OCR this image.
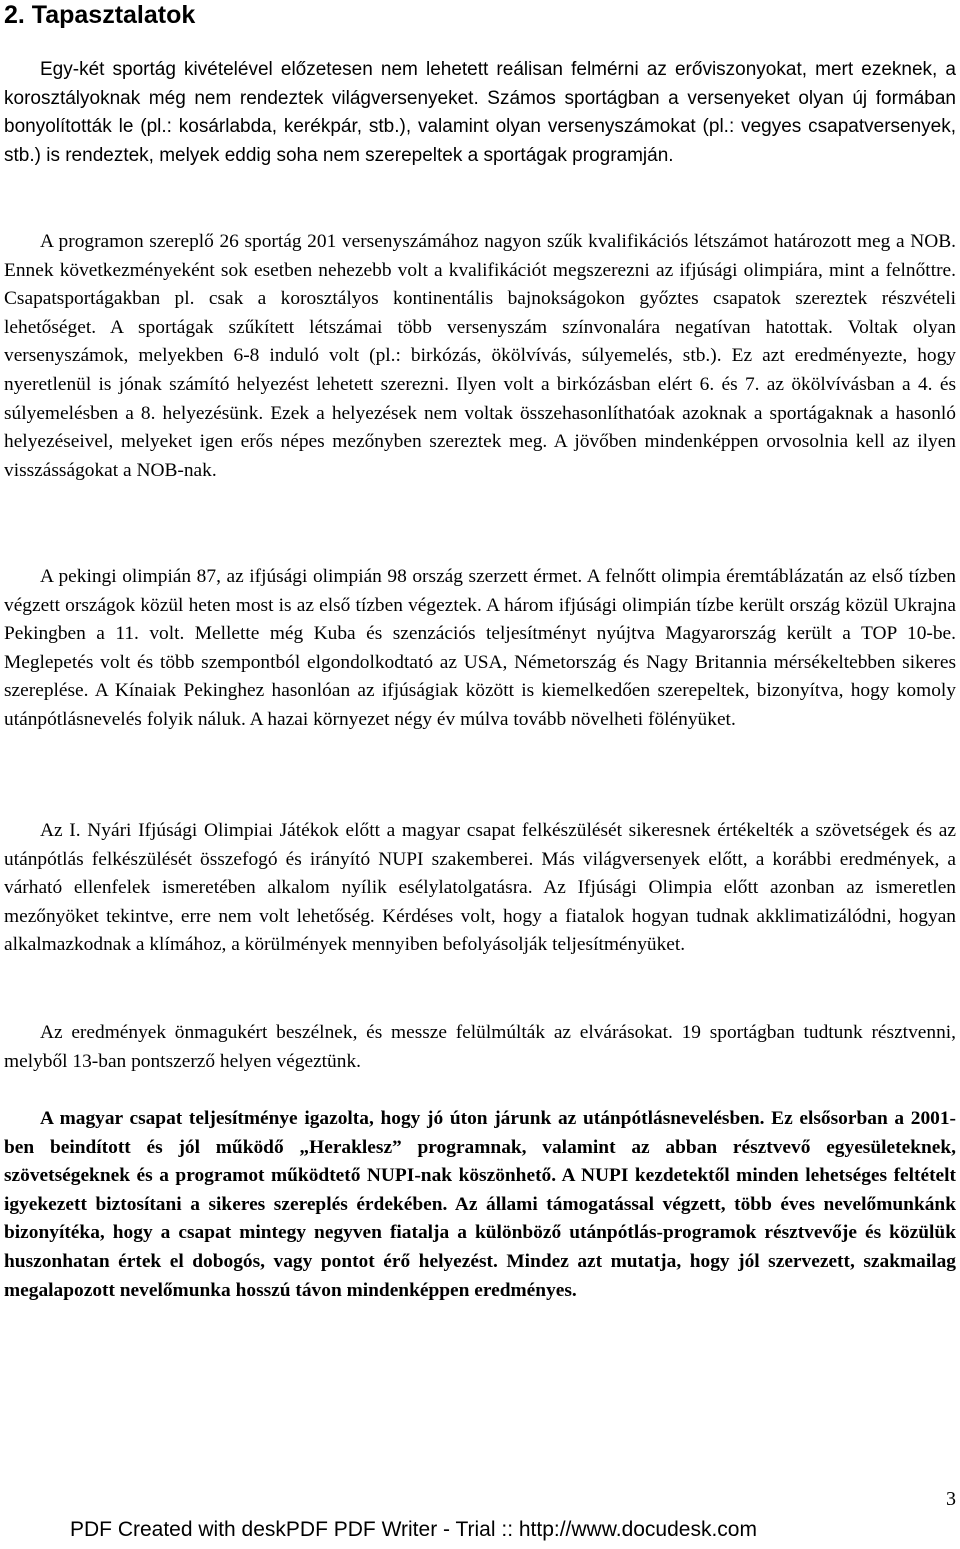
2. Tapasztalatok

Egy-két sportág kivételével előzetesen nem lehetett reálisan felmérni az erőviszonyokat, mert ezeknek, a korosztályoknak még nem rendeztek világversenyeket. Számos sportágban a versenyeket olyan új formában bonyolították le (pl.: kosárlabda, kerékpár, stb.), valamint olyan versenyszámokat (pl.: vegyes csapatversenyek, stb.) is rendeztek, melyek eddig soha nem szerepeltek a sportágak programján.

A programon szereplő 26 sportág 201 versenyszámához nagyon szűk kvalifikációs létszámot határozott meg a NOB. Ennek következményeként sok esetben nehezebb volt a kvalifikációt megszerezni az ifjúsági olimpiára, mint a felnőttre. Csapatsportágakban pl. csak a korosztályos kontinentális bajnokságokon győztes csapatok szereztek részvételi lehetőséget. A sportágak szűkített létszámai több versenyszám színvonalára negatívan hatottak. Voltak olyan versenyszámok, melyekben 6-8 induló volt (pl.: birkózás, ökölvívás, súlyemelés, stb.). Ez azt eredményezte, hogy nyeretlenül is jónak számító helyezést lehetett szerezni. Ilyen volt a birkózásban elért 6. és 7. az ökölvívásban a 4. és súlyemelésben a 8. helyezésünk. Ezek a helyezések nem voltak összehasonlíthatóak azoknak a sportágaknak a hasonló helyezéseivel, melyeket igen erős népes mezőnyben szereztek meg. A jövőben mindenképpen orvosolnia kell az ilyen visszásságokat a NOB-nak.

A pekingi olimpián 87, az ifjúsági olimpián 98 ország szerzett érmet. A felnőtt olimpia éremtáblázatán az első tízben végzett országok közül heten most is az első tízben végeztek. A három ifjúsági olimpián tízbe került ország közül Ukrajna Pekingben a 11. volt. Mellette még Kuba és szenzációs teljesítményt nyújtva Magyarország került a TOP 10-be. Meglepetés volt és több szempontból elgondolkodtató az USA, Németország és Nagy Britannia mérsékeltebben sikeres szereplése. A Kínaiak Pekinghez hasonlóan az ifjúságiak között is kiemelkedően szerepeltek, bizonyítva, hogy komoly utánpótlásnevelés folyik náluk. A hazai környezet négy év múlva tovább növelheti fölényüket.

Az I. Nyári Ifjúsági Olimpiai Játékok előtt a magyar csapat felkészülését sikeresnek értékelték a szövetségek és az utánpótlás felkészülését összefogó és irányító NUPI szakemberei. Más világversenyek előtt, a korábbi eredmények, a várható ellenfelek ismeretében alkalom nyílik esélylatolgatásra. Az Ifjúsági Olimpia előtt azonban az ismeretlen mezőnyöket tekintve, erre nem volt lehetőség. Kérdéses volt, hogy a fiatalok hogyan tudnak akklimatizálódni, hogyan alkalmazkodnak a klímához, a körülmények mennyiben befolyásolják teljesítményüket.

Az eredmények önmagukért beszélnek, és messze felülmúlták az elvárásokat. 19 sportágban tudtunk résztvenni, melyből 13-ban pontszerző helyen végeztünk.

A magyar csapat teljesítménye igazolta, hogy jó úton járunk az utánpótlásnevelésben. Ez elsősorban a 2001-ben beindított és jól működő „Heraklesz” programnak, valamint az abban résztvevő egyesületeknek, szövetségeknek és a programot működtető NUPI-nak köszönhető. A NUPI kezdetektől minden lehetséges feltételt igyekezett biztosítani a sikeres szereplés érdekében. Az állami támogatással végzett, több éves nevelőmunkánk bizonyítéka, hogy a csapat mintegy negyven fiatalja a különböző utánpótlás-programok résztvevője és közülük huszonhatan értek el dobogós, vagy pontot érő helyezést. Mindez azt mutatja, hogy jól szervezett, szakmailag megalapozott nevelőmunka hosszú távon mindenképpen eredményes.

3
PDF Created with deskPDF PDF Writer - Trial :: http://www.docudesk.com
